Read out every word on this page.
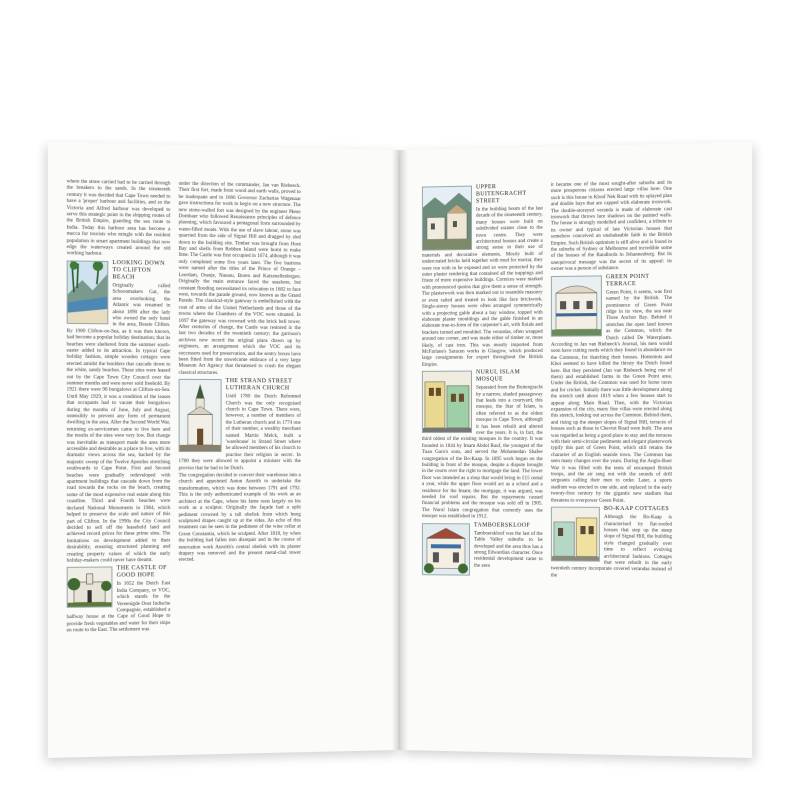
where the stone carried had to be carried through the breakers to the sands. In the nineteenth century it was decided that Cape Town needed to have a 'proper' harbour and facilities, and so the Victoria and Alfred harbour was developed to serve this strategic point in the shipping routes of the British Empire, guarding the sea route to India. Today this harbour area has become a mecca for tourists who mingle with the resident population in smart apartment buildings that now edge the waterways created around the old working harbour.

LOOKING DOWN TO CLIFTON BEACH

Originally called Schoonmakers Gat, the area overlooking the Atlantic was renamed in about 1890 after the lady who owned the only hotel in the area, Bessie Clifton. By 1900 Clifton-on-Sea, as it was then known, had become a popular holiday destination; that its beaches were sheltered from the summer south-easter added to its attraction. In typical Cape holiday fashion, simple wooden cottages were erected amidst the boulders that cascade down to the white, sandy beaches. These sites were leased out by the Cape Town City Council over the summer months and were never sold freehold. By 1921 there were 90 bungalows at Clifton-on-Sea. Until May 1929, it was a condition of the leases that occupants had to vacate their bungalows during the months of June, July and August, ostensibly to prevent any form of permanent dwelling in the area. After the Second World War, returning ex-servicemen came to live here and the results of the sites were very low. But change was inevitable as transport made the area more accessible and desirable as a place to live, with its dramatic views across the sea, backed by the majestic sweep of the Twelve Apostles stretching southwards to Cape Point. First and Second beaches were gradually redeveloped with apartment buildings that cascade down from the road towards the rocks on the beach, creating some of the most expensive real estate along this coastline. Third and Fourth beaches were declared National Monuments in 1984, which helped to preserve the scale and nature of this part of Clifton. In the 1990s the City Council decided to sell off the leasehold land and achieved record prices for these prime sites. The limitations on development added to their desirability, ensuring structured planning and creating property values of which the early holiday-makers could never have dreamt.

THE CASTLE OF GOOD HOPE

In 1652 the Dutch East India Company, or VOC, which stands for the Vereenigde Oost Indische Compagnie, established a halfway house at the Cape of Good Hope to provide fresh vegetables and water for their ships en route to the East. The settlement was

under the direction of the commander, Jan van Riebeeck. Their first fort, made from wood and earth walls, proved to be inadequate and in 1666 Governor Zacharias Wagenaar gave instructions for work to begin on a new structure. The new stone-walled fort was designed by the engineer Pieter Dombaer who followed Renaissance principles of defence planning, which favoured a pentagonal form surrounded by water-filled moats. With the use of slave labour, stone was quarried from the side of Signal Hill and dragged by sled down to the building site. Timber was brought from Hout Bay and shells from Robben Island were burnt to make lime. The Castle was first occupied in 1674, although it was only completed some five years later. The five bastions were named after the titles of the Prince of Orange – Leerdam, Oranje, Nassau, Buren and Katzenellenbogen. Originally the main entrance faced the seashore, but constant flooding necessitated its relocation in 1682 to face west, towards the parade ground, now known as the Grand Parade. The classical-style gateway is embellished with the coat of arms of the United Netherlands and those of the towns where the Chambers of the VOC were situated. In 1697 the gateway was crowned with the brick bell tower. After centuries of change, the Castle was restored in the last two decades of the twentieth century; the garrison's archives now record the original plans drawn up by engineers, an arrangement which the VOC and its successors used for preservation, and the sentry boxes have been fitted from the unwelcome embrace of a very large Museum Art Agency that threatened to crush the elegant classical structures.

THE STRAND STREET LUTHERAN CHURCH

Until 1780 the Dutch Reformed Church was the only recognised church in Cape Town. There were, however, a number of members of the Lutheran church and in 1774 one of their number, a wealthy merchant named Martin Melck, built a 'warehouse' in Strand Street where he allowed members of his church to practise their religion in secret. In 1780 they were allowed to appoint a minister with the proviso that he had to be Dutch.

The congregation decided to convert their warehouse into a church and appointed Anton Anreith to undertake the transformation, which was done between 1791 and 1792. This is the only authenticated example of his work as an architect at the Cape, where his fame rests largely on his work as a sculptor. Originally the façade had a split pediment crowned by a tall obelisk from which hung sculptured drapes caught up at the sides. An echo of this treatment can be seen in the pediment of the wine cellar at Groot Constantia, which he sculpted. After 1818, by when the building had fallen into disrepair and in the course of renovation work Anreith's central obelisk with its plaster drapery was removed and the present metal-clad tower erected.

UPPER BUITENGRACHT STREET

In the building boom of the last decade of the nineteenth century, many houses were built on subdivided estates close to the town centre. They were architectural houses and create a strong sense in their use of materials and decorative elements. Mostly built of undercoated bricks held together with mud for mortar, they were run with to be exposed and so were protected by the outer plaster rendering that contained all the trappings and frieze of more expensive buildings. Cornices were marked with pronounced quoins that give them a sense of strength. The plasterwork was then marked out to resemble masonry or even railed and treated to look like face brickwork. Single-storey houses were often arranged symmetrically with a projecting gable about a bay window, topped with elaborate plaster mouldings and the gable finished in an elaborate true-to-form of the carpenter's art, with finials and brackets turned and moulded. The verandas, often wrapped around one corner, and was made either of timber or, more likely, of cast iron. This was mostly imported from McFarlane's Saracen works in Glasgow, which produced large consignments for export throughout the British Empire.

NURUL ISLAM MOSQUE

Separated from the Buitengracht by a narrow, shaded passageway that leads into a courtyard, this mosque, the Star of Islam, is often referred to as the oldest mosque in Cape Town, although it has been rebuilt and altered over the years. It is, in fact, the third oldest of the existing mosques in the country. It was founded in 1844 by Imam Abdol Rauf, the youngest of the Tuan Guru's sons, and served the Mohamedan Shafee congregation of the Bo-Kaap. In 1895 work began on the building in front of the mosque, despite a dispute brought in the courts over the right to mortgage the land. The lower floor was intended as a shop that would bring in £15 rental a year, while the upper floor would act as a school and a residence for the Imam; the mortgage, it was argued, was needed for roof repairs. But the repayments caused financial problems and the mosque was sold off in 1905. The Nurul Islam congregation that currently uses the mosque was established in 1912.

TAMBOERSKLOOF

Tamboerskloof was the last of the Table Valley suburbs to be developed and the area thus has a strong Edwardian character. Once residential development came to the area

it became one of the most sought-after suburbs and its more prosperous citizens erected large villas here. One such is this house in Kloof Nek Road with its splayed plan and double bays that are capped with elaborate ironwork. The double-storeyed veranda is made of elaborate cast ironwork that throws lace shadows on the painted walls. The house is strongly modelled and confident, a tribute to its owner and typical of late Victorian houses that somehow conceived an unshakeable faith in the British Empire. Such British optimism is still alive and is found in the suburbs of Sydney or Melbourne and incredible some of the houses of the Randlords in Johannesburg. But its unequivocal message was the secret of its appeal: its owner was a person of substance.

GREEN POINT TERRACE

Green Point, it seems, was first named by the British. The prominence of Green Point ridge in its view, the sea near Three Anchor Bay. Behind it stretches the open land known as the Common, which the Dutch called De Waterplaats. According to Jan van Riebeeck's Journal, his men would soon have cutting reeds which they found in abundance on the Common, for thatching their houses. Hottentots and Khoi seemed to have killed the thirsty the Dutch found here. But they persisted (Jan van Riebeeck being one of them) and established farms in the Green Point area. Under the British, the Common was used for horse races and for cricket. Initially there was little development along the stretch until about 1819 when a few houses start to appear along Main Road. Then, with the Victorian expansion of the city, many fine villas were erected along this stretch, looking out across the Common. Behind them, and rising up the steeper slopes of Signal Hill, terraces of houses such as those in Cheviot Road were built. The area was regarded as being a good place to stay and the terraces with their semi-circular pediments and elegant plasterwork typify this part of Green Point, which still retains the character of an English seaside town. The Common has seen many changes over the years. During the Anglo-Boer War it was filled with the tents of encamped British troops, and the air rang out with the sounds of drill sergeants calling their men to order. Later, a sports stadium was erected to one side, and replaced in the early twenty-first century by the gigantic new stadium that threatens to overpower Green Point.

BO-KAAP COTTAGES

Although the Bo-Kaap is characterised by flat-roofed houses that step up the steep slope of Signal Hill, the building style changed gradually over time to reflect evolving architectural fashions. Cottages that were rebuilt in the early twentieth century incorporate covered verandas instead of the
